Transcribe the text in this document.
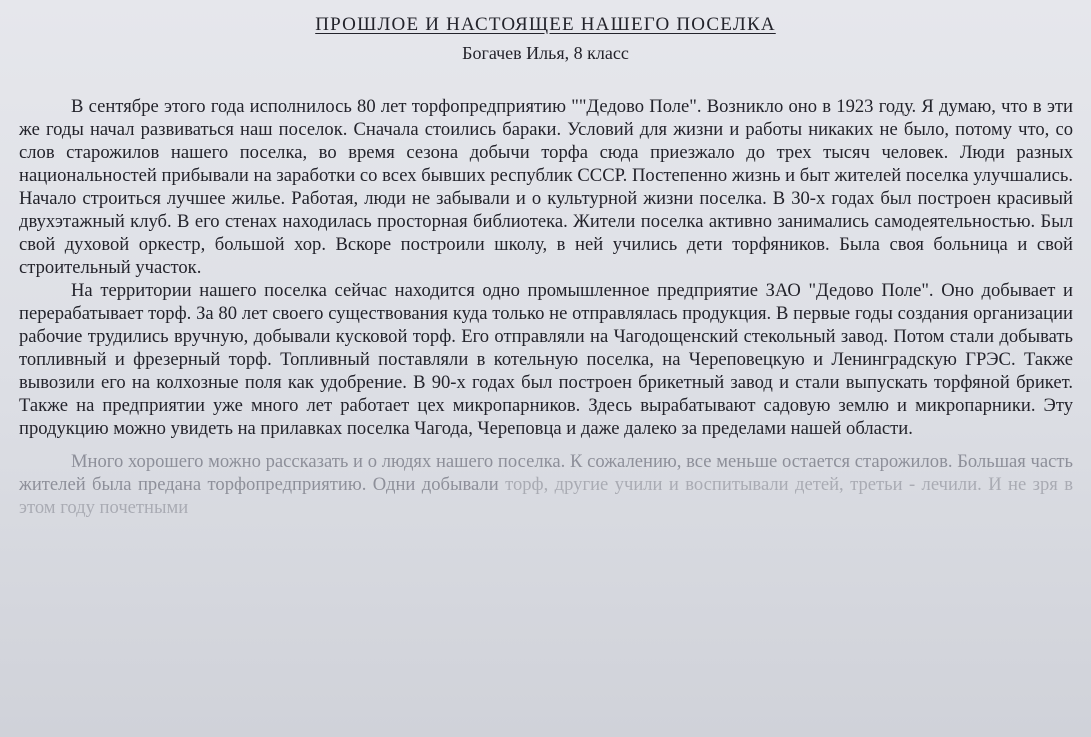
ПРОШЛОЕ И НАСТОЯЩЕЕ НАШЕГО ПОСЕЛКА
Богачев Илья, 8 класс

В сентябре этого года исполнилось 80 лет торфопредприятию ""Дедово Поле". Возникло оно в 1923 году. Я думаю, что в эти же годы начал развиваться наш поселок. Сначала стоились бараки. Условий для жизни и работы никаких не было, потому что, со слов старожилов нашего поселка, во время сезона добычи торфа сюда приезжало до трех тысяч человек. Люди разных национальностей прибывали на заработки со всех бывших республик СССР. Постепенно жизнь и быт жителей поселка улучшались. Начало строиться лучшее жилье. Работая, люди не забывали и о культурной жизни поселка. В 30-х годах был построен красивый двухэтажный клуб. В его стенах находилась просторная библиотека. Жители поселка активно занимались самодеятельностью. Был свой духовой оркестр, большой хор. Вскоре построили школу, в ней учились дети торфяников. Была своя больница и свой строительный участок.

На территории нашего поселка сейчас находится одно промышленное предприятие ЗАО "Дедово Поле". Оно добывает и перерабатывает торф. За 80 лет своего существования куда только не отправлялась продукция. В первые годы создания организации рабочие трудились вручную, добывали кусковой торф. Его отправляли на Чагодощенский стекольный завод. Потом стали добывать топливный и фрезерный торф. Топливный поставляли в котельную поселка, на Череповецкую и Ленинградскую ГРЭС. Также вывозили его на колхозные поля как удобрение. В 90-х годах был построен брикетный завод и стали выпускать торфяной брикет. Также на предприятии уже много лет работает цех микропарников. Здесь вырабатывают садовую землю и микропарники. Эту продукцию можно увидеть на прилавках поселка Чагода, Череповца и даже далеко за пределами нашей области.

Много хорошего можно рассказать и о людях нашего поселка. К сожалению, все меньше остается старожилов. Большая часть жителей была предана торфопредприятию. Одни добывали торф, другие учили и воспитывали детей, третьи - лечили. И не зря в этом году почетными
